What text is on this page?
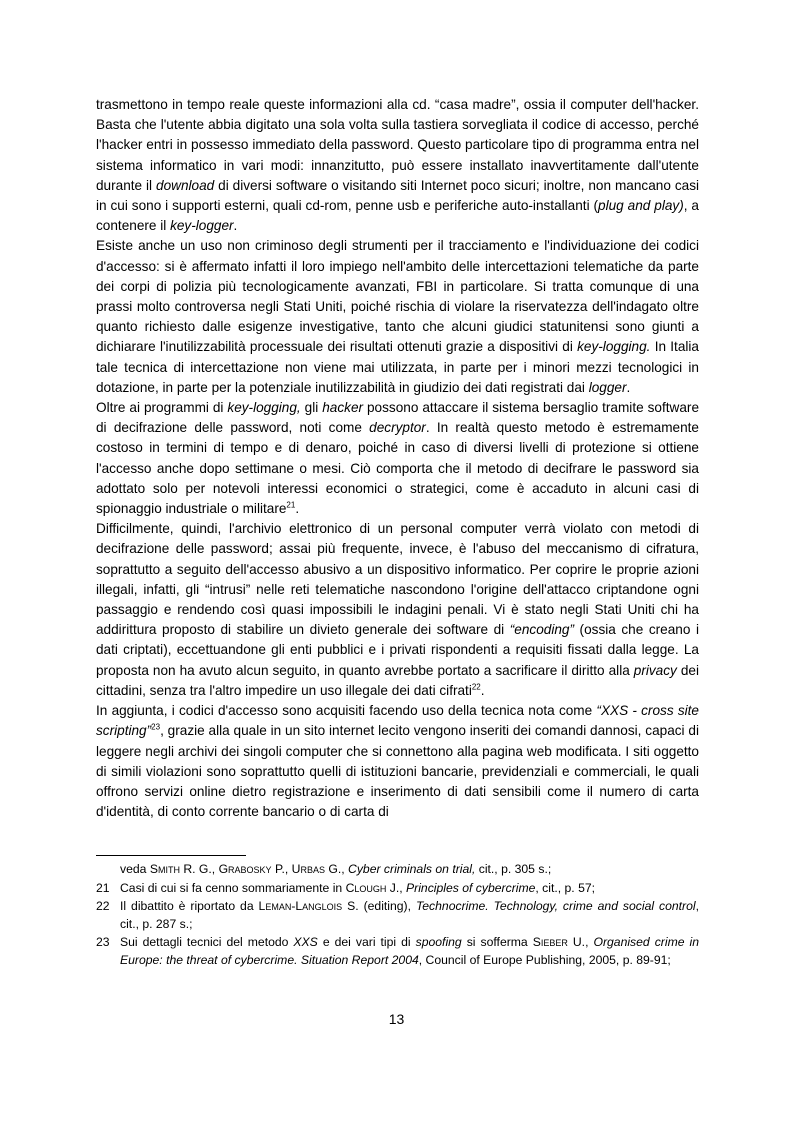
trasmettono in tempo reale queste informazioni alla cd. “casa madre”, ossia il computer dell'hacker. Basta che l'utente abbia digitato una sola volta sulla tastiera sorvegliata il codice di accesso, perché l'hacker entri in possesso immediato della password. Questo particolare tipo di programma entra nel sistema informatico in vari modi: innanzitutto, può essere installato inavvertitamente dall'utente durante il download di diversi software o visitando siti Internet poco sicuri; inoltre, non mancano casi in cui sono i supporti esterni, quali cd-rom, penne usb e periferiche auto-installanti (plug and play), a contenere il key-logger.

Esiste anche un uso non criminoso degli strumenti per il tracciamento e l'individuazione dei codici d'accesso: si è affermato infatti il loro impiego nell'ambito delle intercettazioni telematiche da parte dei corpi di polizia più tecnologicamente avanzati, FBI in particolare. Si tratta comunque di una prassi molto controversa negli Stati Uniti, poiché rischia di violare la riservatezza dell'indagato oltre quanto richiesto dalle esigenze investigative, tanto che alcuni giudici statunitensi sono giunti a dichiarare l'inutilizzabilità processuale dei risultati ottenuti grazie a dispositivi di key-logging. In Italia tale tecnica di intercettazione non viene mai utilizzata, in parte per i minori mezzi tecnologici in dotazione, in parte per la potenziale inutilizzabilità in giudizio dei dati registrati dai logger.

Oltre ai programmi di key-logging, gli hacker possono attaccare il sistema bersaglio tramite software di decifrazione delle password, noti come decryptor. In realtà questo metodo è estremamente costoso in termini di tempo e di denaro, poiché in caso di diversi livelli di protezione si ottiene l'accesso anche dopo settimane o mesi. Ciò comporta che il metodo di decifrare le password sia adottato solo per notevoli interessi economici o strategici, come è accaduto in alcuni casi di spionaggio industriale o militare$^{21}$.

Difficilmente, quindi, l'archivio elettronico di un personal computer verrà violato con metodi di decifrazione delle password; assai più frequente, invece, è l'abuso del meccanismo di cifratura, soprattutto a seguito dell'accesso abusivo a un dispositivo informatico. Per coprire le proprie azioni illegali, infatti, gli “intrusi” nelle reti telematiche nascondono l'origine dell'attacco criptandone ogni passaggio e rendendo così quasi impossibili le indagini penali. Vi è stato negli Stati Uniti chi ha addirittura proposto di stabilire un divieto generale dei software di “encoding” (ossia che creano i dati criptati), eccettuandone gli enti pubblici e i privati rispondenti a requisiti fissati dalla legge. La proposta non ha avuto alcun seguito, in quanto avrebbe portato a sacrificare il diritto alla privacy dei cittadini, senza tra l'altro impedire un uso illegale dei dati cifrati$^{22}$.

In aggiunta, i codici d'accesso sono acquisiti facendo uso della tecnica nota come “XXS - cross site scripting”$^{23}$, grazie alla quale in un sito internet lecito vengono inseriti dei comandi dannosi, capaci di leggere negli archivi dei singoli computer che si connettono alla pagina web modificata. I siti oggetto di simili violazioni sono soprattutto quelli di istituzioni bancarie, previdenziali e commerciali, le quali offrono servizi online dietro registrazione e inserimento di dati sensibili come il numero di carta d'identità, di conto corrente bancario o di carta di

veda Smith R. G., Grabosky P., Urbas G., Cyber criminals on trial, cit., p. 305 s.;
21 Casi di cui si fa cenno sommariamente in Clough J., Principles of cybercrime, cit., p. 57;
22 Il dibattito è riportato da Leman-Langlois S. (editing), Technocrime. Technology, crime and social control, cit., p. 287 s.;
23 Sui dettagli tecnici del metodo XXS e dei vari tipi di spoofing si sofferma Sieber U., Organised crime in Europe: the threat of cybercrime. Situation Report 2004, Council of Europe Publishing, 2005, p. 89-91;
13
